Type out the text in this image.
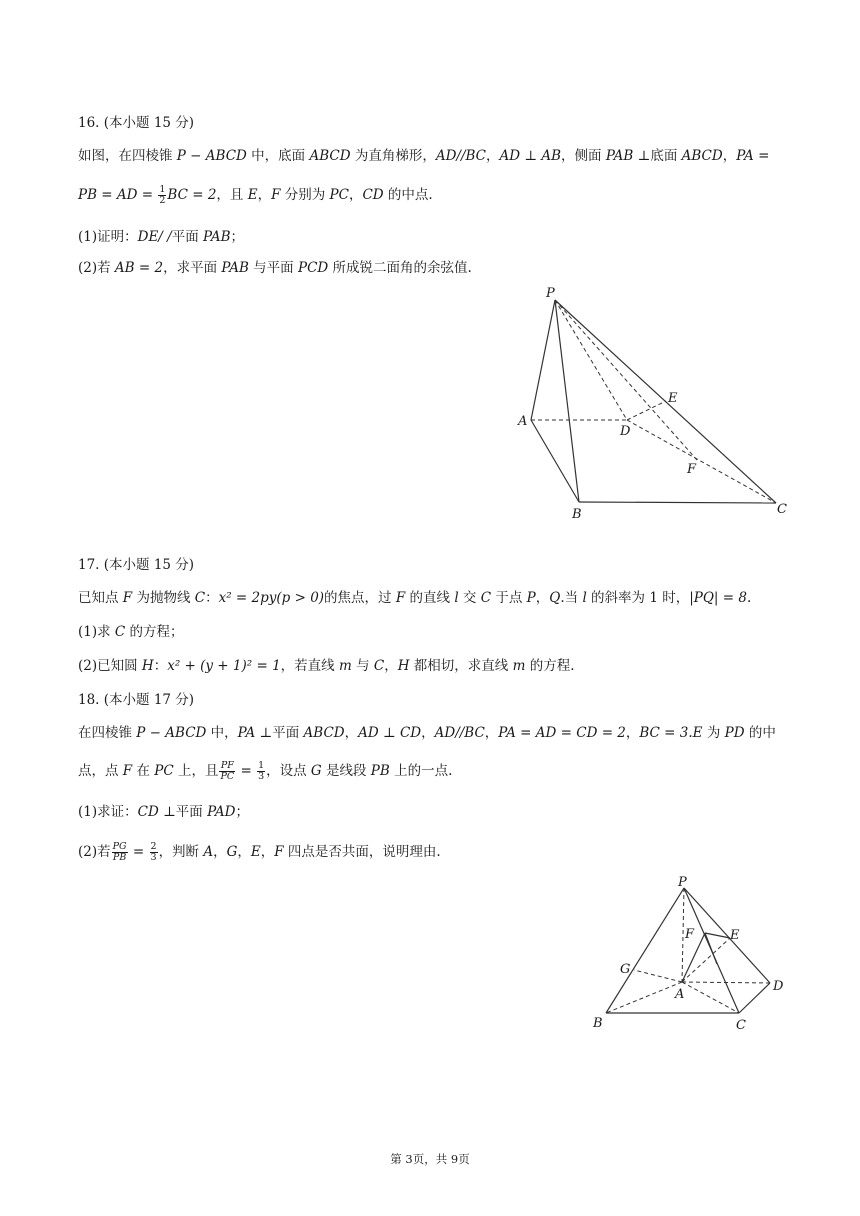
16. (本小题 15 分)
如图，在四棱锥 P − ABCD 中，底面 ABCD 为直角梯形，AD//BC，AD ⊥ AB，侧面 PAB ⊥底面 ABCD，PA =
PB = AD = $\frac{1}{2}$ BC = 2，且 E，F 分别为 PC，CD 的中点.
(1)证明：DE/ /平面 PAB；
(2)若 AB = 2，求平面 PAB 与平面 PCD 所成锐二面角的余弦值.
P
E
A
D
F
B	C
17. (本小题 15 分)
已知点 F 为抛物线 C：x² = 2py(p > 0)的焦点，过 F 的直线 l 交 C 于点 P，Q.当 l 的斜率为 1 时，|PQ| = 8.
(1)求 C 的方程；
(2)已知圆 H：x² + (y + 1)² = 1，若直线 m 与 C，H 都相切，求直线 m 的方程.
18. (本小题 17 分)
在四棱锥 P − ABCD 中，PA ⊥平面 ABCD，AD ⊥ CD，AD//BC，PA = AD = CD = 2，BC = 3.E 为 PD 的中
点，点 F 在 PC 上，且 $\frac{PF}{PC} = \frac{1}{3}$ ，设点 G 是线段 PB 上的一点.
(1)求证：CD ⊥平面 PAD；
(2)若 $\frac{PG}{PB} = \frac{2}{3}$ ，判断 A，G，E，F 四点是否共面，说明理由.
P
F	E
G
A
D
B	C
第 3页，共 9页
